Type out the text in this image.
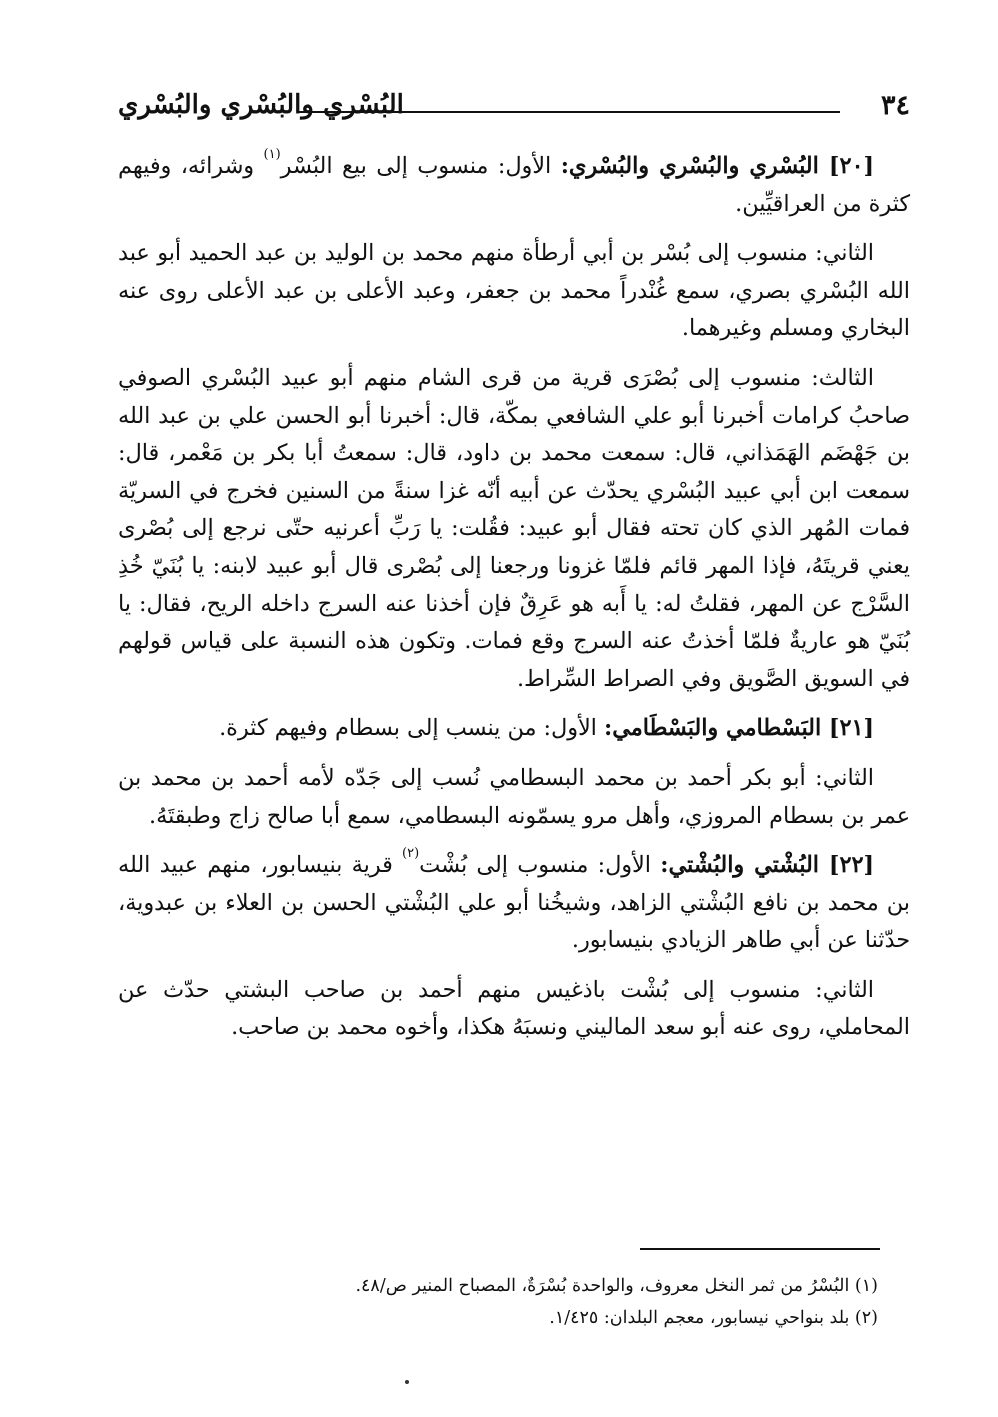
٣٤
البُسْري والبُسْري والبُسْري

[٢٠] البُسْري والبُسْري والبُسْري: الأول: منسوب إلى بيع البُسْر$^{(١)}$ وشرائه، وفيهم كثرة من العراقيِّين.

الثاني: منسوب إلى بُسْر بن أبي أرطأة منهم محمد بن الوليد بن عبد الحميد أبو عبد الله البُسْري بصري، سمع غُنْدراً محمد بن جعفر، وعبد الأعلى بن عبد الأعلى روى عنه البخاري ومسلم وغيرهما.

الثالث: منسوب إلى بُصْرَى قرية من قرى الشام منهم أبو عبيد البُسْري الصوفي صاحبُ كرامات أخبرنا أبو علي الشافعي بمكّة، قال: أخبرنا أبو الحسن علي بن عبد الله بن جَهْضَم الهَمَذاني، قال: سمعت محمد بن داود، قال: سمعتُ أبا بكر بن مَعْمر، قال: سمعت ابن أبي عبيد البُسْري يحدّث عن أبيه أنّه غزا سنةً من السنين فخرج في السريّة فمات المُهر الذي كان تحته فقال أبو عبيد: فقُلت: يا رَبِّ أعرنيه حتّى نرجع إلى بُصْرى يعني قريتَهُ، فإذا المهر قائم فلمّا غزونا ورجعنا إلى بُصْرى قال أبو عبيد لابنه: يا بُنَيّ خُذِ السَّرْج عن المهر، فقلتُ له: يا أَبه هو عَرِقٌ فإن أخذنا عنه السرج داخله الريح، فقال: يا بُنَيّ هو عاريةٌ فلمّا أخذتُ عنه السرج وقع فمات. وتكون هذه النسبة على قياس قولهم في السويق الصَّويق وفي الصراط السِّراط.

[٢١] البَسْطامي والبَسْطَامي: الأول: من ينسب إلى بسطام وفيهم كثرة.

الثاني: أبو بكر أحمد بن محمد البسطامي نُسب إلى جَدّه لأمه أحمد بن محمد بن عمر بن بسطام المروزي، وأهل مرو يسمّونه البسطامي، سمع أبا صالح زاج وطبقتَهُ.

[٢٢] البُشْتي والبُشْتي: الأول: منسوب إلى بُشْت$^{(٢)}$ قرية بنيسابور، منهم عبيد الله بن محمد بن نافع البُشْتي الزاهد، وشيخُنا أبو علي البُشْتي الحسن بن العلاء بن عبدوية، حدّثنا عن أبي طاهر الزيادي بنيسابور.

الثاني: منسوب إلى بُشْت باذغيس منهم أحمد بن صاحب البشتي حدّث عن المحاملي، روى عنه أبو سعد الماليني ونسبَهُ هكذا، وأخوه محمد بن صاحب.

(١) البُسْرُ من ثمر النخل معروف، والواحدة بُسْرَةٌ، المصباح المنير ص/٤٨.

(٢) بلد بنواحي نيسابور، معجم البلدان: ١/٤٢٥.
